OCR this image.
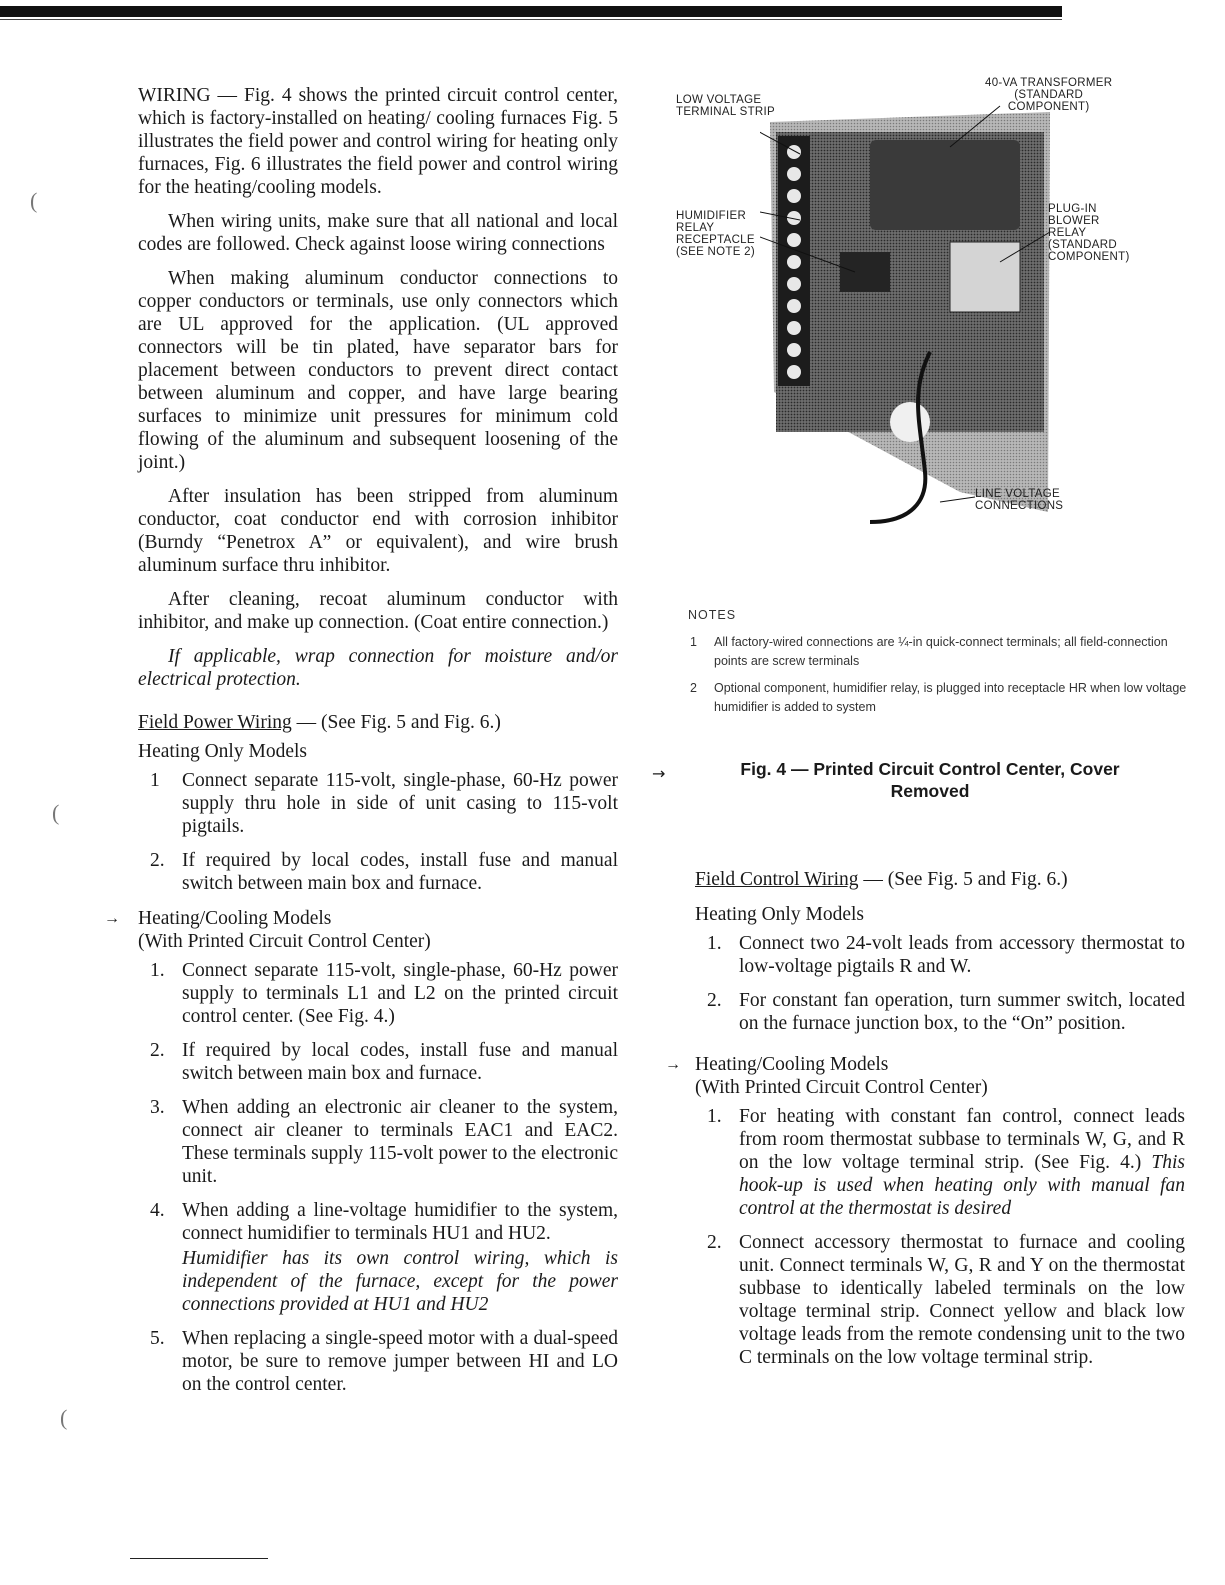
(
(
(

WIRING — Fig. 4 shows the printed circuit control center, which is factory-installed on heating/ cooling furnaces Fig. 5 illustrates the field power and control wiring for heating only furnaces, Fig. 6 illustrates the field power and control wiring for the heating/cooling models.

When wiring units, make sure that all national and local codes are followed. Check against loose wiring connections

When making aluminum conductor connections to copper conductors or terminals, use only connectors which are UL approved for the application. (UL approved connectors will be tin plated, have separator bars for placement between conductors to prevent direct contact between aluminum and copper, and have large bearing surfaces to minimize unit pressures for minimum cold flowing of the aluminum and subsequent loosening of the joint.)

After insulation has been stripped from aluminum conductor, coat conductor end with corrosion inhibitor (Burndy “Penetrox A” or equivalent), and wire brush aluminum surface thru inhibitor.

After cleaning, recoat aluminum conductor with inhibitor, and make up connection. (Coat entire connection.)

If applicable, wrap connection for moisture and/or electrical protection.

Field Power Wiring — (See Fig. 5 and Fig. 6.)
Heating Only Models
1 Connect separate 115-volt, single-phase, 60-Hz power supply thru hole in side of unit casing to 115-volt pigtails.
2. If required by local codes, install fuse and manual switch between main box and furnace.
→ Heating/Cooling Models
(With Printed Circuit Control Center)
1. Connect separate 115-volt, single-phase, 60-Hz power supply to terminals L1 and L2 on the printed circuit control center. (See Fig. 4.)
2. If required by local codes, install fuse and manual switch between main box and furnace.
3. When adding an electronic air cleaner to the system, connect air cleaner to terminals EAC1 and EAC2. These terminals supply 115-volt power to the electronic unit.
4. When adding a line-voltage humidifier to the system, connect humidifier to terminals HU1 and HU2.
Humidifier has its own control wiring, which is independent of the furnace, except for the power connections provided at HU1 and HU2
5. When replacing a single-speed motor with a dual-speed motor, be sure to remove jumper between HI and LO on the control center.
LOW VOLTAGE
TERMINAL STRIP
40-VA TRANSFORMER
(STANDARD
COMPONENT)
HUMIDIFIER
RELAY
RECEPTACLE
(SEE NOTE 2)
PLUG-IN
BLOWER
RELAY
(STANDARD
COMPONENT)
LINE VOLTAGE
CONNECTIONS
NOTES
1 All factory-wired connections are ¼-in quick-connect terminals; all field-connection points are screw terminals
2 Optional component, humidifier relay, is plugged into receptacle HR when low voltage humidifier is added to system
→	Fig. 4 — Printed Circuit Control Center, Cover Removed
Field Control Wiring — (See Fig. 5 and Fig. 6.)
Heating Only Models
1. Connect two 24-volt leads from accessory thermostat to low-voltage pigtails R and W.
2. For constant fan operation, turn summer switch, located on the furnace junction box, to the “On” position.
→ Heating/Cooling Models
(With Printed Circuit Control Center)
1. For heating with constant fan control, connect leads from room thermostat subbase to terminals W, G, and R on the low voltage terminal strip. (See Fig. 4.) This hook-up is used when heating only with manual fan control at the thermostat is desired
2. Connect accessory thermostat to furnace and cooling unit. Connect terminals W, G, R and Y on the thermostat subbase to identically labeled terminals on the low voltage terminal strip. Connect yellow and black low voltage leads from the remote condensing unit to the two C terminals on the low voltage terminal strip.
